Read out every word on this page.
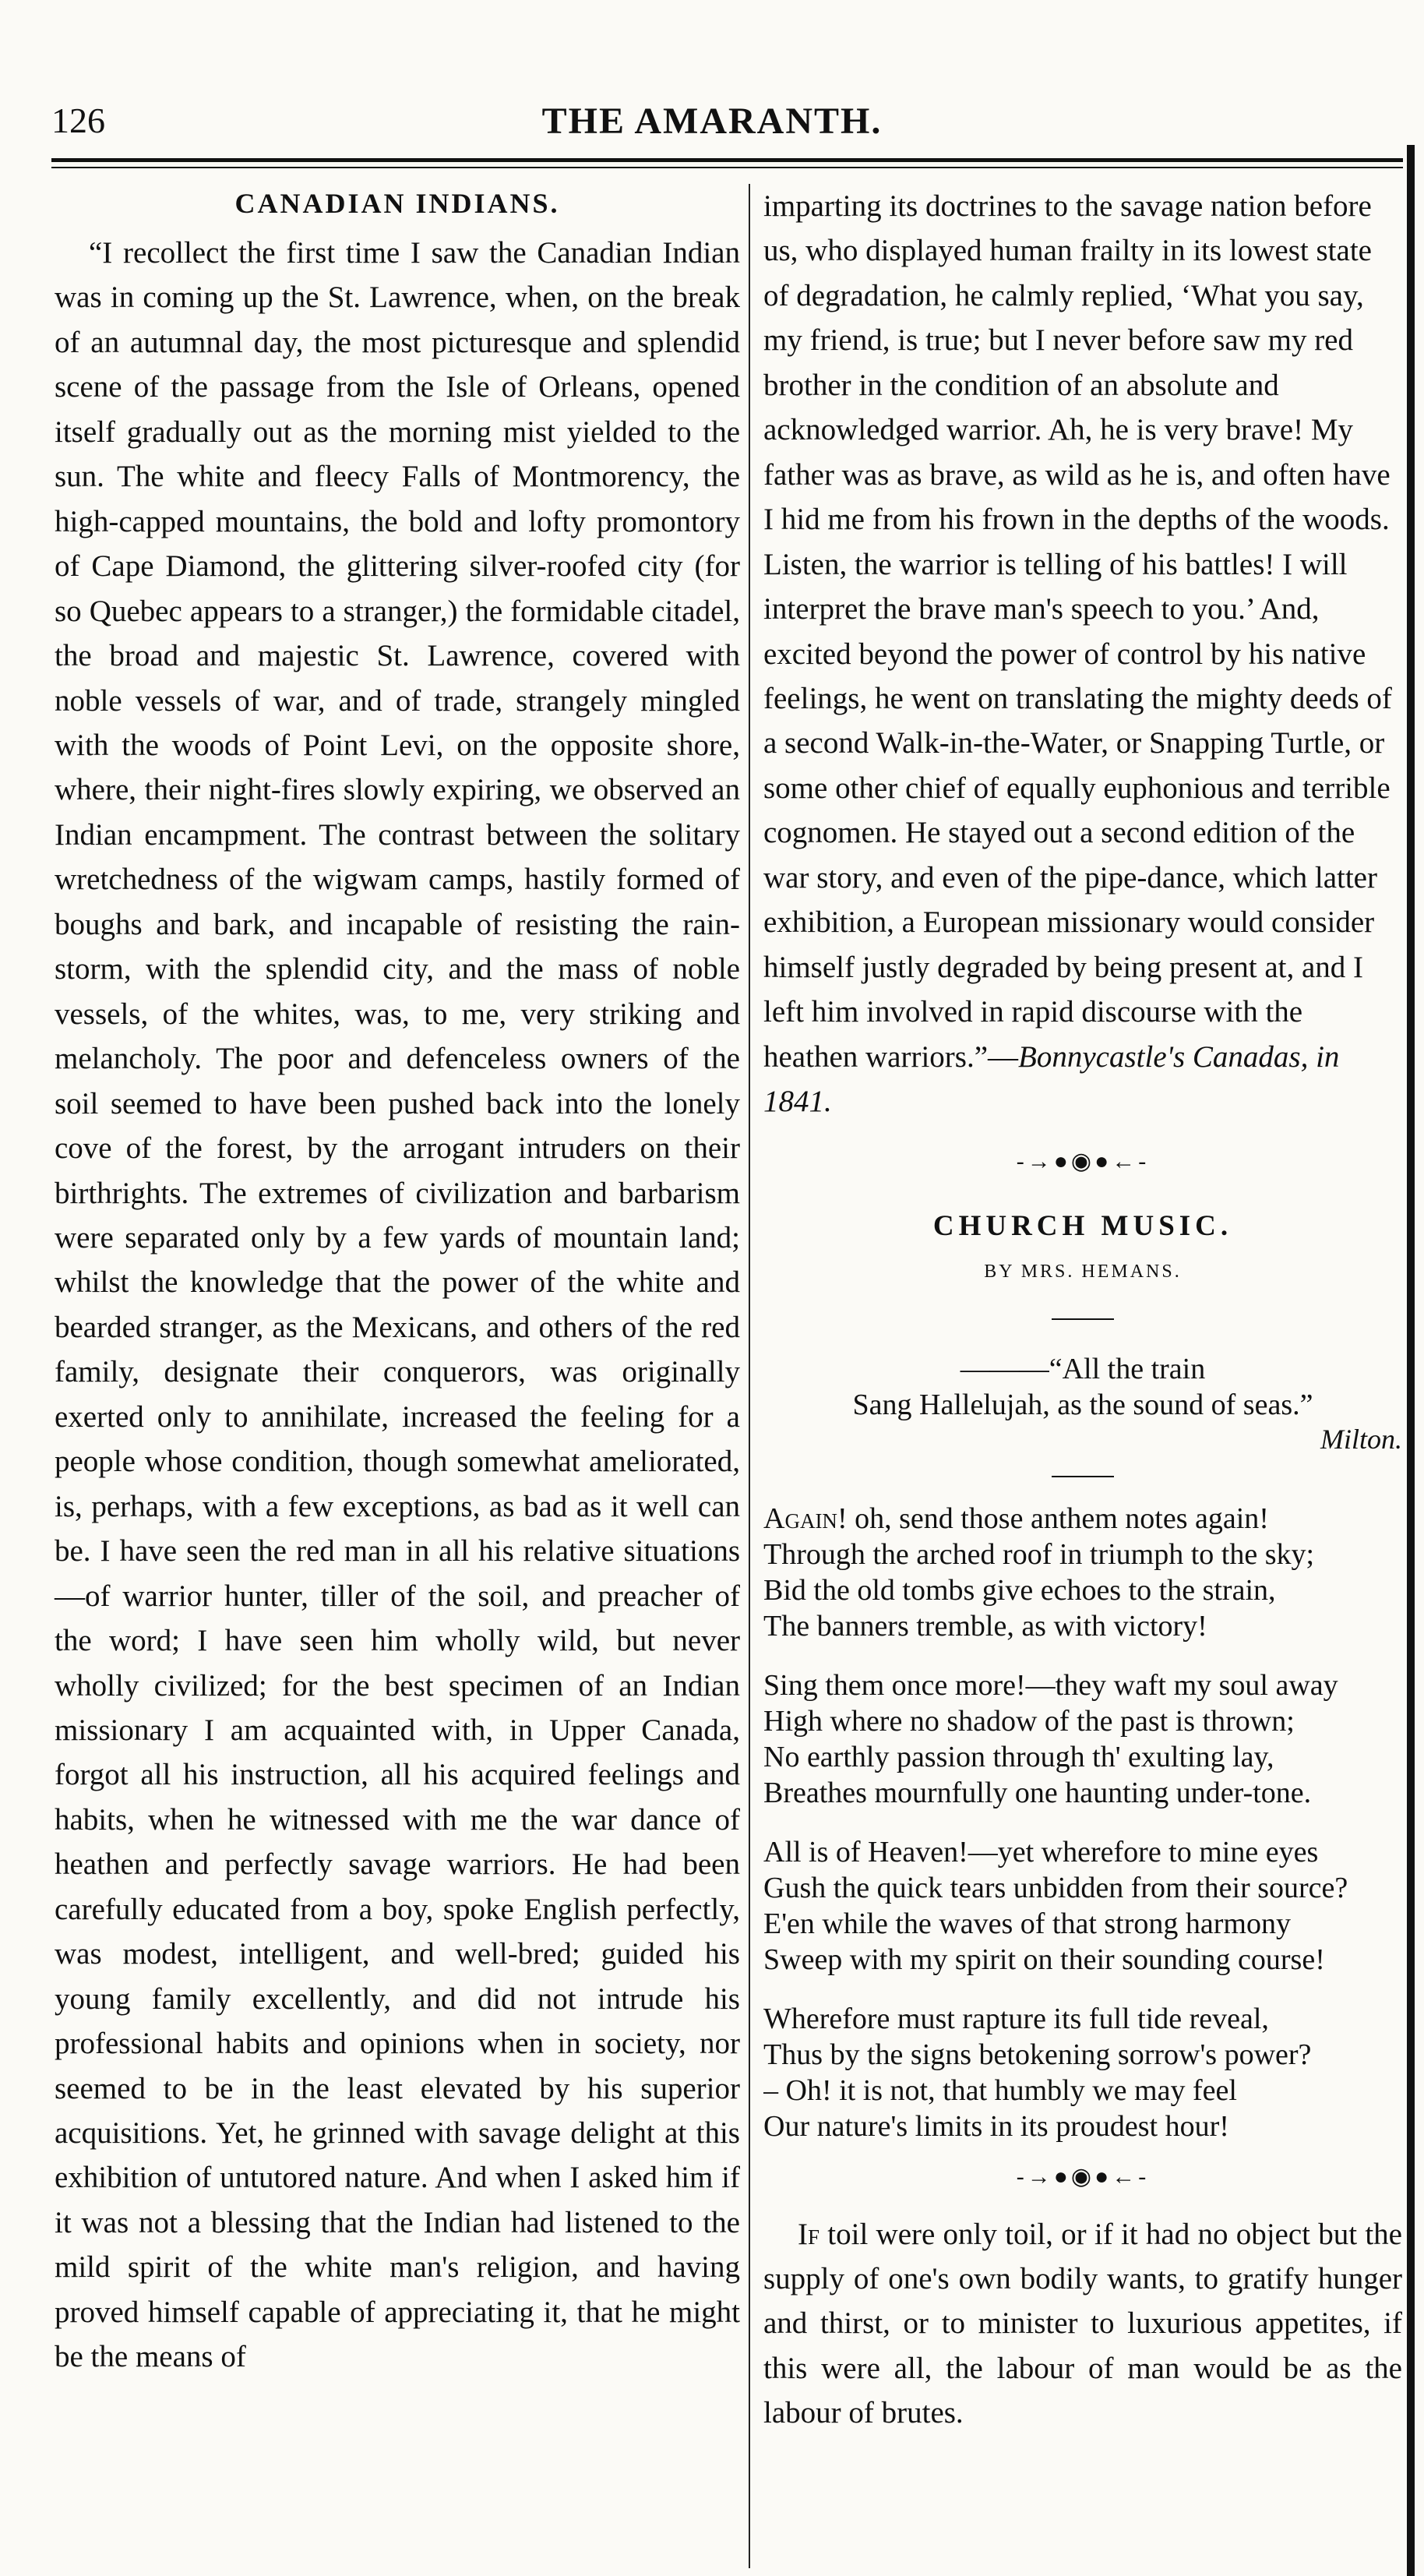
126	THE AMARANTH.
CANADIAN INDIANS.

“I recollect the first time I saw the Canadian Indian was in coming up the St. Lawrence, when, on the break of an autumnal day, the most picturesque and splendid scene of the passage from the Isle of Orleans, opened itself gradually out as the morning mist yielded to the sun. The white and fleecy Falls of Montmorency, the high-capped mountains, the bold and lofty promontory of Cape Diamond, the glittering silver-roofed city (for so Quebec appears to a stranger,) the formidable citadel, the broad and majestic St. Lawrence, covered with noble vessels of war, and of trade, strangely mingled with the woods of Point Levi, on the opposite shore, where, their night-fires slowly expiring, we observed an Indian encampment. The contrast between the solitary wretchedness of the wigwam camps, hastily formed of boughs and bark, and incapable of resisting the rain-storm, with the splendid city, and the mass of noble vessels, of the whites, was, to me, very striking and melancholy. The poor and defenceless owners of the soil seemed to have been pushed back into the lonely cove of the forest, by the arrogant intruders on their birthrights. The extremes of civilization and barbarism were separated only by a few yards of mountain land; whilst the knowledge that the power of the white and bearded stranger, as the Mexicans, and others of the red family, designate their conquerors, was originally exerted only to annihilate, increased the feeling for a people whose condition, though somewhat ameliorated, is, perhaps, with a few exceptions, as bad as it well can be. I have seen the red man in all his relative situations—of warrior hunter, tiller of the soil, and preacher of the word; I have seen him wholly wild, but never wholly civilized; for the best specimen of an Indian missionary I am acquainted with, in Upper Canada, forgot all his instruction, all his acquired feelings and habits, when he witnessed with me the war dance of heathen and perfectly savage warriors. He had been carefully educated from a boy, spoke English perfectly, was modest, intelligent, and well-bred; guided his young family excellently, and did not intrude his professional habits and opinions when in society, nor seemed to be in the least elevated by his superior acquisitions. Yet, he grinned with savage delight at this exhibition of untutored nature. And when I asked him if it was not a blessing that the Indian had listened to the mild spirit of the white man's religion, and having proved himself capable of appreciating it, that he might be the means of

imparting its doctrines to the savage nation before us, who displayed human frailty in its lowest state of degradation, he calmly replied, ‘What you say, my friend, is true; but I never before saw my red brother in the condition of an absolute and acknowledged warrior. Ah, he is very brave! My father was as brave, as wild as he is, and often have I hid me from his frown in the depths of the woods. Listen, the warrior is telling of his battles! I will interpret the brave man's speech to you.’ And, excited beyond the power of control by his native feelings, he went on translating the mighty deeds of a second Walk-in-the-Water, or Snapping Turtle, or some other chief of equally euphonious and terrible cognomen. He stayed out a second edition of the war story, and even of the pipe-dance, which latter exhibition, a European missionary would consider himself justly degraded by being present at, and I left him involved in rapid discourse with the heathen warriors.”—Bonnycastle's Canadas, in 1841.

-→●◉●←-
CHURCH MUSIC.
BY MRS. HEMANS.
———“All the train
Sang Hallelujah, as the sound of seas.”
Milton.
Again! oh, send those anthem notes again!
Through the arched roof in triumph to the sky;
Bid the old tombs give echoes to the strain,
The banners tremble, as with victory!
Sing them once more!—they waft my soul away
High where no shadow of the past is thrown;
No earthly passion through th' exulting lay,
Breathes mournfully one haunting under-tone.
All is of Heaven!—yet wherefore to mine eyes
Gush the quick tears unbidden from their source?
E'en while the waves of that strong harmony
Sweep with my spirit on their sounding course!
Wherefore must rapture its full tide reveal,
Thus by the signs betokening sorrow's power?
– Oh! it is not, that humbly we may feel
Our nature's limits in its proudest hour!
-→●◉●←-

If toil were only toil, or if it had no object but the supply of one's own bodily wants, to gratify hunger and thirst, or to minister to luxurious appetites, if this were all, the labour of man would be as the labour of brutes.
